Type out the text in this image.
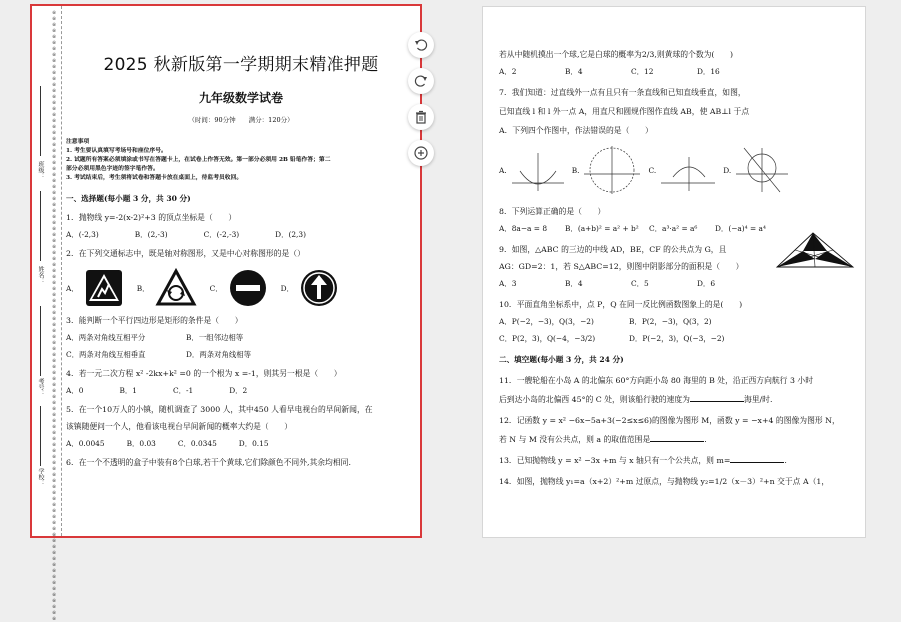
※※※※※※※※※※※※※※※※※※※※※※※※※※※※※※※※※※※※※※※※※※※※※※※※※※※※※※※※※※※※※※※※※※※※※※※※※※※※※※※※※※※※※※※※※※※※※※※※※※※※※※
班级：
姓名：
考号：
学校：
2025 秋新版第一学期期末精准押题
九年级数学试卷
（时间：90分钟　　满分：120分）
注意事项
1. 考生要认真填写考场号和座位序号。
2. 试题所有答案必须填涂或书写在答题卡上，在试卷上作答无效。第一部分必须用 2B 铅笔作答；第二
部分必须用黑色字迹的签字笔作答。
3. 考试结束后，考生须将试卷和答题卡放在桌面上，待监考员收回。
一、选择题(每小题 3 分，共 30 分)
1．抛物线 y=-2(x-2)²+3 的顶点坐标是（　　）
A．(-2,3)	B．(2,-3)	C．(-2,-3)	D．(2,3)
2．在下列交通标志中，既是轴对称图形，又是中心对称图形的是（）
A．	B．	C．	D．
3．能判断一个平行四边形是矩形的条件是（　　）
A．两条对角线互相平分	B．一组邻边相等
C．两条对角线互相垂直	D．两条对角线相等
4．若一元二次方程 x² -2kx+k² =0 的一个根为 x =-1，则其另一根是（　　）
A．0	B．1	C．-1	D．2
5．在一个10万人的小镇，随机调查了 3000 人，其中450 人看早电视台的早间新闻，在
该镇随便问一个人，他看该电视台早间新闻的概率大约是（　　）
A．0.0045	B．0.03	C．0.0345	D．0.15
6．在一个不透明的盒子中装有8个白球,若干个黄球,它们除颜色不同外,其余均相同.
若从中随机摸出一个球,它是白球的概率为2/3,则黄球的个数为(　　)
A．2	B．4	C．12	D．16
7．我们知道：过直线外一点有且只有一条直线和已知直线垂直，如图，
已知直线 l 和 l 外一点 A，用直尺和圆规作图作直线 AB，使 AB⊥l 于点
A．下列四个作图中，作法错误的是（　　）
A.	B.	C.	D.
8．下列运算正确的是（　　）
A．8a−a = 8	B．(a+b)² = a² + b²	C．a³·a² = a⁶	D．(−a)⁴ = a⁴
9．如图，△ABC 的三边的中线 AD，BE，CF 的公共点为 G，且
AG：GD=2：1，若 S△ABC=12，则图中阴影部分的面积是（　　）
A．3	B．4	C．5	D．6
10．平面直角坐标系中，点 P，Q 在同一反比例函数图象上的是(　　)
A．P(−2，−3)，Q(3，−2)	B．P(2，−3)，Q(3，2)
C．P(2，3)，Q(−4，−3/2)	D．P(−2，3)，Q(−3，−2)
二、填空题(每小题 3 分，共 24 分)
11．一艘轮船在小岛 A 的北偏东 60°方向距小岛 80 海里的 B 处，沿正西方向航行 3 小时
后到达小岛的北偏西 45°的 C 处，则该船行驶的速度为	海里/时.
12．记函数 y = x² −6x−5a+3(−2≤x≤6)的图像为图形 M，函数 y = −x+4 的图像为图形 N，
若 N 与 M 没有公共点，则 a 的取值范围是	.
13．已知抛物线 y = x² −3x +m 与 x 轴只有一个公共点，则 m=	.
14．如图，抛物线 y₁=a（x+2）²+m 过原点，与抛物线 y₂=1/2（x－3）²+n 交于点 A（1，
